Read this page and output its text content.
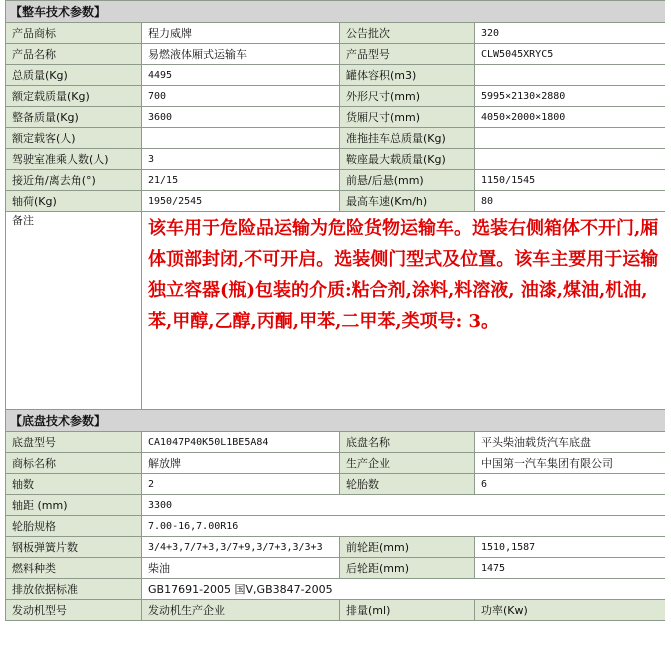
【整车技术参数】			
产品商标	程力威牌	公告批次	320
产品名称	易燃液体厢式运输车	产品型号	CLW5045XRYC5
总质量(Kg)	4495	罐体容积(m3)	
额定载质量(Kg)	700	外形尺寸(mm)	5995×2130×2880
整备质量(Kg)	3600	货厢尺寸(mm)	4050×2000×1800
额定载客(人)		准拖挂车总质量(Kg)	
驾驶室准乘人数(人)	3	鞍座最大载质量(Kg)	
接近角/离去角(°)	21/15	前悬/后悬(mm)	1150/1545
轴荷(Kg)	1950/2545	最高车速(Km/h)	80
备注	该车用于危险品运输为危险货物运输车。选装右侧箱体不开门,厢体顶部封闭,不可开启。选装侧门型式及位置。该车主要用于运输独立容器(瓶)包装的介质:粘合剂,涂料,料溶液, 油漆,煤油,机油,苯,甲醇,乙醇,丙酮,甲苯,二甲苯,类项号: 3。		

【底盘技术参数】			
底盘型号	CA1047P40K50L1BE5A84	底盘名称	平头柴油载货汽车底盘
商标名称	解放牌	生产企业	中国第一汽车集团有限公司
轴数	2	轮胎数	6
轴距 (mm)	3300		
轮胎规格	7.00-16,7.00R16		
钢板弹簧片数	3/4+3,7/7+3,3/7+9,3/7+3,3/3+3	前轮距(mm)	1510,1587
燃料种类	柴油	后轮距(mm)	1475
排放依据标准	GB17691-2005 国Ⅴ,GB3847-2005		
发动机型号	发动机生产企业	排量(ml)	功率(Kw)
